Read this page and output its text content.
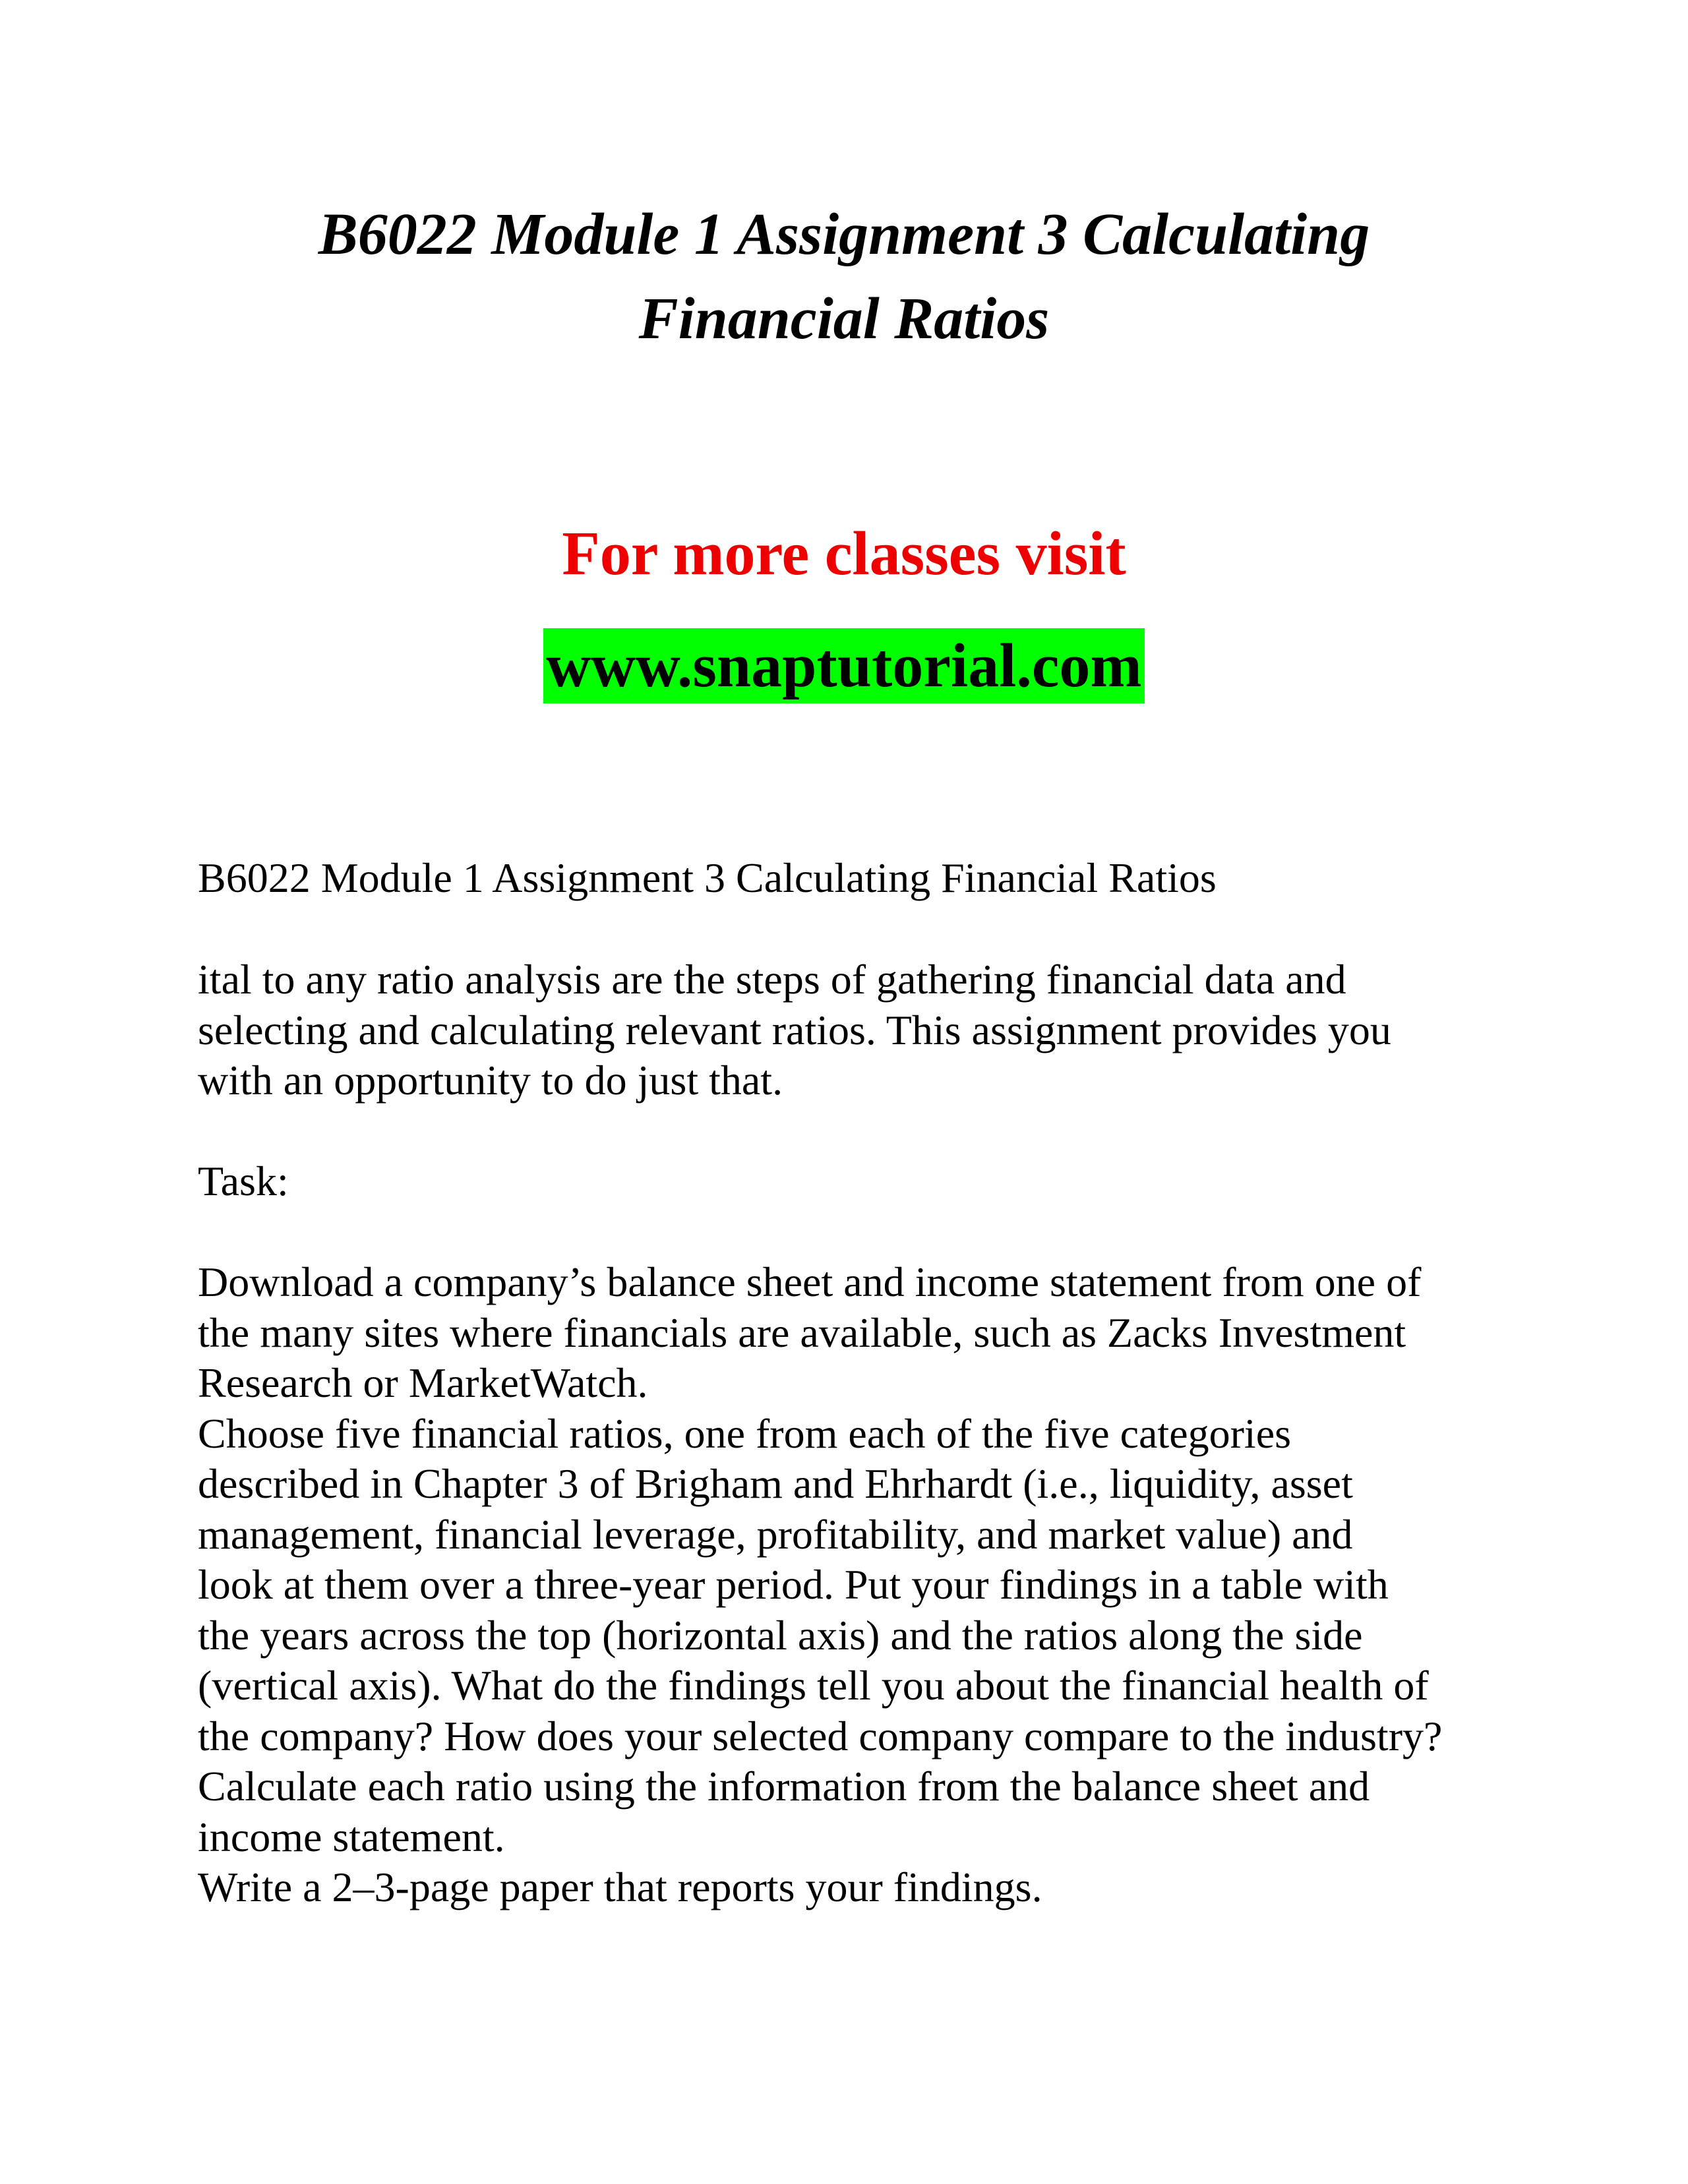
B6022 Module 1 Assignment 3 Calculating
Financial Ratios

For more classes visit

www.snaptutorial.com

B6022 Module 1 Assignment 3 Calculating Financial Ratios

ital to any ratio analysis are the steps of gathering financial data and

selecting and calculating relevant ratios. This assignment provides you

with an opportunity to do just that.

Task:

Download a company’s balance sheet and income statement from one of

the many sites where financials are available, such as Zacks Investment

Research or MarketWatch.

Choose five financial ratios, one from each of the five categories

described in Chapter 3 of Brigham and Ehrhardt (i.e., liquidity, asset

management, financial leverage, profitability, and market value) and

look at them over a three-year period. Put your findings in a table with

the years across the top (horizontal axis) and the ratios along the side

(vertical axis). What do the findings tell you about the financial health of

the company? How does your selected company compare to the industry?

Calculate each ratio using the information from the balance sheet and

income statement.

Write a 2–3-page paper that reports your findings.
